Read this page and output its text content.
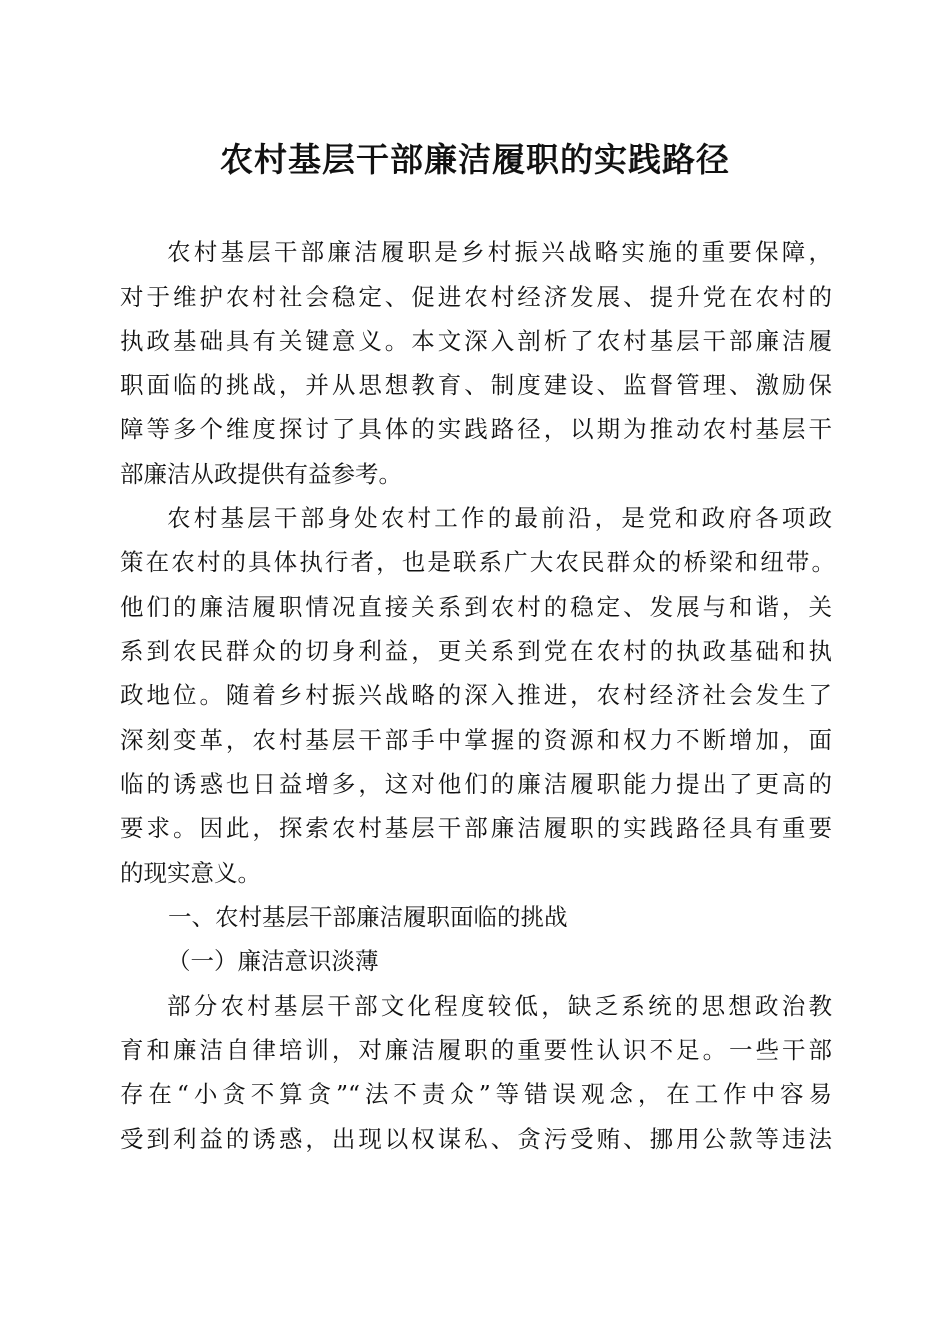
农村基层干部廉洁履职的实践路径
农村基层干部廉洁履职是乡村振兴战略实施的重要保障，
对于维护农村社会稳定、促进农村经济发展、提升党在农村的
执政基础具有关键意义。本文深入剖析了农村基层干部廉洁履
职面临的挑战，并从思想教育、制度建设、监督管理、激励保
障等多个维度探讨了具体的实践路径，以期为推动农村基层干
部廉洁从政提供有益参考。
农村基层干部身处农村工作的最前沿，是党和政府各项政
策在农村的具体执行者，也是联系广大农民群众的桥梁和纽带。
他们的廉洁履职情况直接关系到农村的稳定、发展与和谐，关
系到农民群众的切身利益，更关系到党在农村的执政基础和执
政地位。随着乡村振兴战略的深入推进，农村经济社会发生了
深刻变革，农村基层干部手中掌握的资源和权力不断增加，面
临的诱惑也日益增多，这对他们的廉洁履职能力提出了更高的
要求。因此，探索农村基层干部廉洁履职的实践路径具有重要
的现实意义。
一、农村基层干部廉洁履职面临的挑战
（一）廉洁意识淡薄
部分农村基层干部文化程度较低，缺乏系统的思想政治教
育和廉洁自律培训，对廉洁履职的重要性认识不足。一些干部
存在“小贪不算贪”“法不责众”等错误观念，在工作中容易
受到利益的诱惑，出现以权谋私、贪污受贿、挪用公款等违法
